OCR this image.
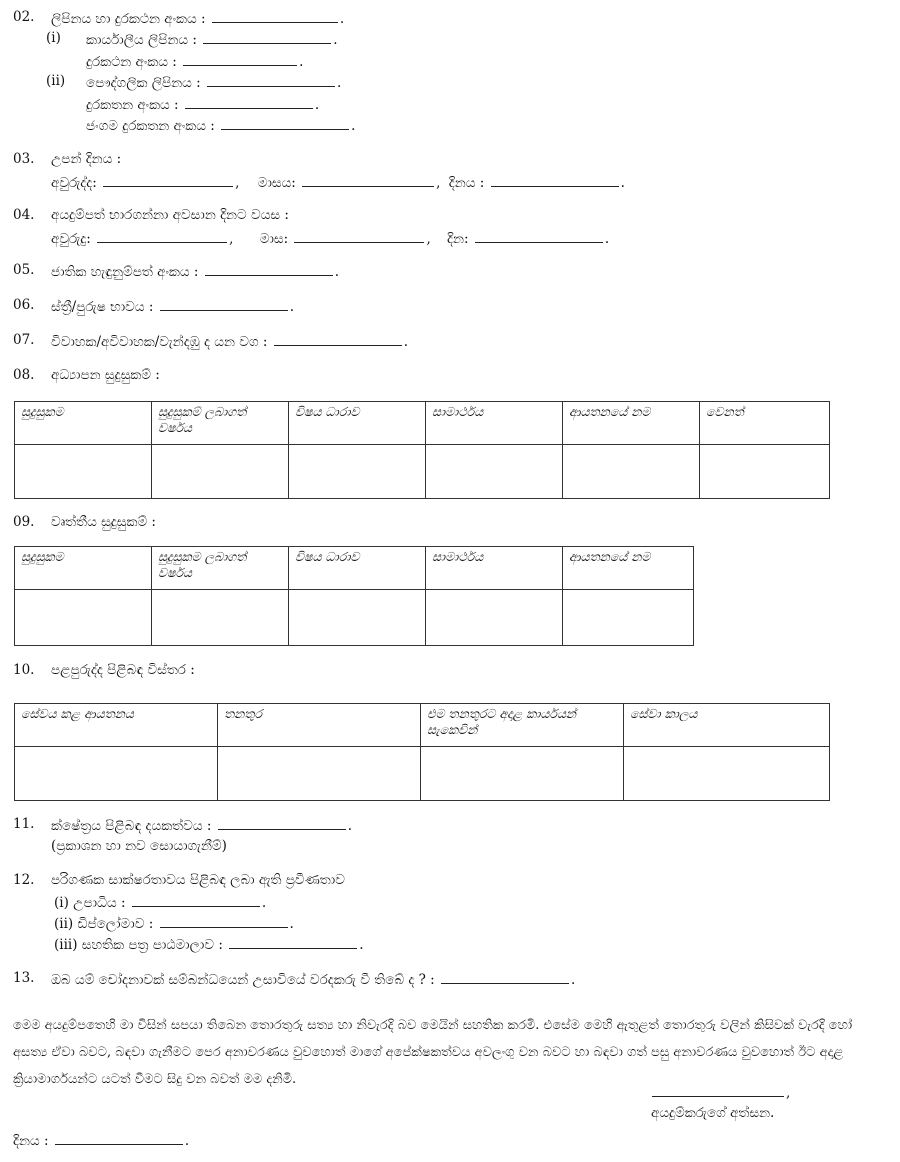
02. ලිපිනය හා දුරකථන අංකය :	.
(i) කාර්යාලීය ලිපිනය :	.
දුරකථන අංකය :	.
(ii) පෞද්ගලික ලිපිනය :	.
දුරකතන අංකය :	.
ජංගම දුරකතන අංකය :	.
03. උපන් දිනය :
අවුරුද්ද:	, මාසය:	, දිනය :	.
04. අයදුම්පත් භාරගන්නා අවසාන දිනට වයස :
අවුරුදු:	, මාස:	, දින:	.
05. ජාතික හැඳුනුම්පත් අංකය :	.
06. ස්ත්‍රී/පුරුෂ භාවය :	.
07. විවාහක/අවිවාහක/වැන්දඹු ද යන වග :	.
08. අධ්‍යාපන සුදුසුකම් :
සුදුසුකම	සුදුසුකම් ලබාගත් වර්ෂය	විෂය ධාරාව	සාමාර්ථය	ආයතනයේ නම	වෙනත්

09. වෘත්තීය සුදුසුකම් :
සුදුසුකම	සුදුසුකම ලබාගත් වර්ෂය	විෂය ධාරාව	සාමාර්ථය	ආයතනයේ නම

10. පළපුරුද්ද පිළිබඳ විස්තර :
සේවය කළ ආයතනය	තනතුර	එම තනතුරට අදාළ කාර්යයන් සැකෙවින්	සේවා කාලය

11. ක්ෂේත්‍රය පිළිබඳ දයකත්වය :	.
(ප්‍රකාශන හා නව සොයාගැනීම්)
12. පරිගණක සාක්ෂරතාවය පිළිබඳ ලබා ඇති ප්‍රවීණතාව
(i) උපාධිය :	.
(ii) ඩිප්ලෝමාව :	.
(iii) සහතික පත්‍ර පාඨමාලාව :	.
13. ඔබ යම් චෝදනාවක් සම්බන්ධයෙන් උසාවියේ වරදකරු වී තිබේ ද ? :	.
මෙම අයදුම්පතෙහි මා විසින් සපයා තිබෙන තොරතුරු සත්‍ය හා නිවැරදි බව මෙයින් සහතික කරමි. එසේම මෙහි ඇතුළත් තොරතුරු වලින් කිසිවක් වැරදි හෝ අසත්‍ය ඒවා බවට, බඳවා ගැනීමට පෙර අනාවරණය වුවහොත් මාගේ අපේක්ෂකත්වය අවලංගු වන බවට හා බඳවා ගත් පසු අනාවරණය වුවහොත් ඊට අදාළ ක්‍රියාමාර්ගයන්ට යටත් වීමට සිදු වන බවත් මම දනිමි.
,
අයදුම්කරුගේ අත්සන.
දිනය :	.
